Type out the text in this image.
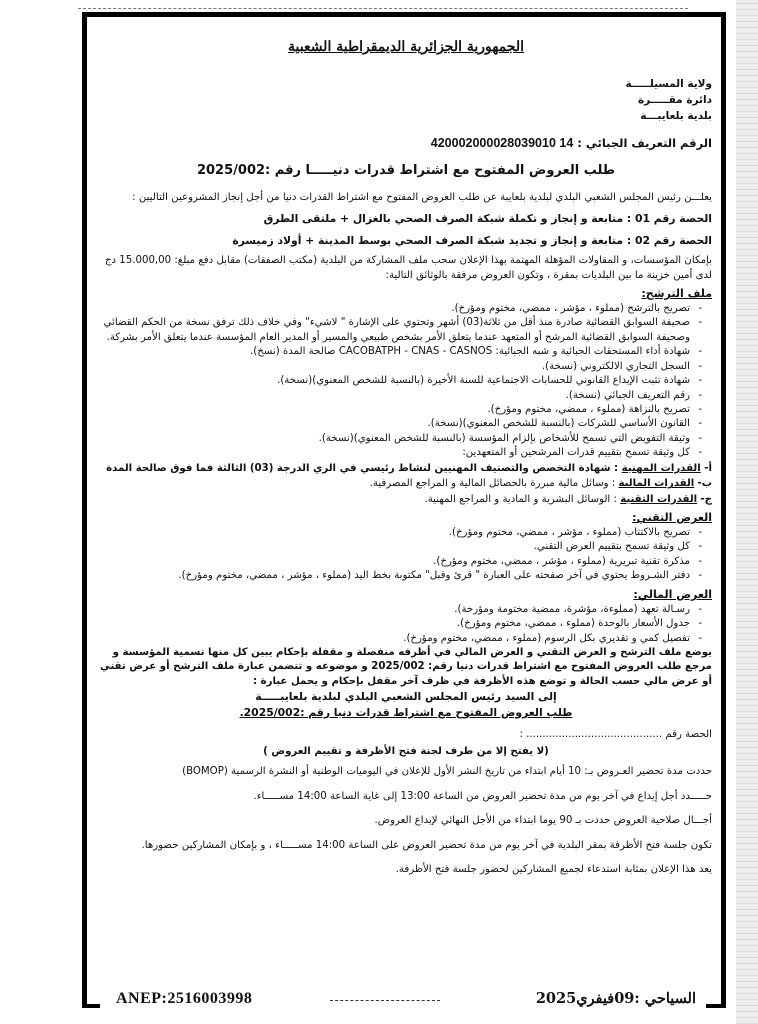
الجمهورية الجزائرية الديمقراطية الشعبية
ولاية المسيلـــــة
دائرة مقـــــرة
بلدية بلعايبـــة
الرقم التعريف الجبائي : 420002000028039010 14
طلب العروض المفتوح مع اشتراط قدرات دنيـــــا رقم :2025/002
يعلـــن رئيس المجلس الشعبي البلدي لبلدية بلعايبة عن طلب العروض المفتوح مع اشتراط القدرات دنيا من أجل إنجاز المشروعين التاليين :
الحصة رقم 01 : متابعة و إنجاز و تكملة شبكة الصرف الصحي بالغزال + ملتقى الطرق
الحصة رقم 02 : متابعة و إنجاز و تجديد شبكة الصرف الصحي بوسط المدينة + أولاد زميسرة
بإمكان المؤسسات، و المقاولات المؤهلة المهتمة بهذا الإعلان سحب ملف المشاركة من البلدية (مكتب الصفقات) مقابل دفع مبلغ: 15.000,00 دج لدى أمين خزينة ما بين البلديات بمقرة ، وتكون العروض مرفقة بالوثائق التالية:
ملف الترشح:
- تصريح بالترشح (مملوء ، مؤشر ، ممضي، مختوم ومؤرخ).
- صحيفة السوابق القضائية صادرة منذ أقل من ثلاثة(03) أشهر وتحتوي على الإشارة " لاشيء" وفي خلاف ذلك ترفق نسخة من الحكم القضائي وصحيفة السوابق القضائية المرشح أو المتعهد عندما يتعلق الأمر بشخص طبيعي والمسير أو المدير العام المؤسسة عندما يتعلق الأمر بشركة.
- شهادة أداء المستحقات الجبائية و شبه الجبائية: CACOBATPH - CNAS - CASNOS صالحة المدة (نسخ).
- السجل التجاري الالكتروني (نسخة).
- شهادة تثبت الإيداع القانوني للحسابات الاجتماعية للسنة الأخيرة (بالنسبة للشخص المعنوي)(نسخة).
- رقم التعريف الجبائي (نسخة).
- تصريح بالنزاهة (مملوء ، ممضي، مختوم ومؤرخ).
- القانون الأساسي للشركات (بالنسبة للشخص المعنوي)(نسخة).
- وثيقة التفويض التي تسمح للأشخاص بإلزام المؤسسة (بالنسبة للشخص المعنوي)(نسخة).
- كل وثيقة تسمح بتقييم قدرات المرشحين أو المتعهدين:
أ- القدرات المهنية : شهادة التخصص والتصنيف المهنيين لنشاط رئيسي في الري الدرجة (03) الثالثة فما فوق صالحة المدة
ب- القدرات المالية : وسائل مالية مبررة بالحصائل المالية و المراجع المصرفية.
ج- القدرات التقنية : الوسائل البشرية و المادية و المراجع المهنية.
العرض التقني:
- تصريح بالاكتتاب (مملوء ، مؤشر ، ممضي، مختوم ومؤرخ).
- كل وثيقة تسمح بتقييم العرض التقني.
- مذكرة تقنية تبريرية (مملوء ، مؤشر ، ممضي، مختوم ومؤرخ).
- دفتر الشـروط يحتوي في آخر صفحته على العبارة " قرئ وقبل" مكتوبة بخط اليد (مملوء ، مؤشر ، ممضي، مختوم ومؤرخ).
العرض المالي:
- رسـالة تعهد (مملوءة، مؤشرة، ممضية مختومة ومؤرخة).
- جدول الأسعار بالوحدة (مملوء ، ممضي، مختوم ومؤرخ).
- تفصيل كمي و تقديري بكل الرسوم (مملوء ، ممضي، مختوم ومؤرخ).
يوضع ملف الترشح و العرض التقني و العرض المالي في أظرفه منفصلة و مقفلة بإحكام يبين كل منها تسمية المؤسسة و مرجع طلب العروض المفتوح مع اشتراط قدرات دنيا رقم: 2025/002 و موضوعه و تتضمن عبارة ملف الترشح أو عرض تقني أو عرض مالي حسب الحالة و توضع هذه الأظرفة في ظرف آخر مقفل بإحكام و يحمل عبارة :
إلى السيد رئيس المجلس الشعبي البلدي لبلدية بلعايبـــــة
طلب العروض المفتوح مع اشتراط قدرات دنيا رقم :2025/002.
الحصة رقم .......................................... :
(لا يفتح إلا من طرف لجنة فتح الأظرفة و تقييم العروض )
حددت مدة تحضير العـروض بـ: 10 أيام ابتداء من تاريخ النشر الأول للإعلان في اليوميات الوطنية أو النشرة الرسمية (BOMOP)
حـــــدد أجل إيداع في آخر يوم من مدة تحضير العروض من الساعة 13:00 إلى غاية الساعة 14:00 مســـــاء.
أجـــال صلاحية العروض حددت بـ 90 يوما ابتداء من الأجل النهائي لإيداع العروض.
تكون جلسة فتح الأظرفة بمقر البلدية في آخر يوم من مدة تحضير العروض على الساعة 14:00 مســـــاء ، و بإمكان المشاركين حضورها.
يعد هذا الإعلان بمثابة استدعاء لجميع المشاركين لحضور جلسة فتح الأظرفة.
ANEP:2516003998	السياحي :09فيفري2025
